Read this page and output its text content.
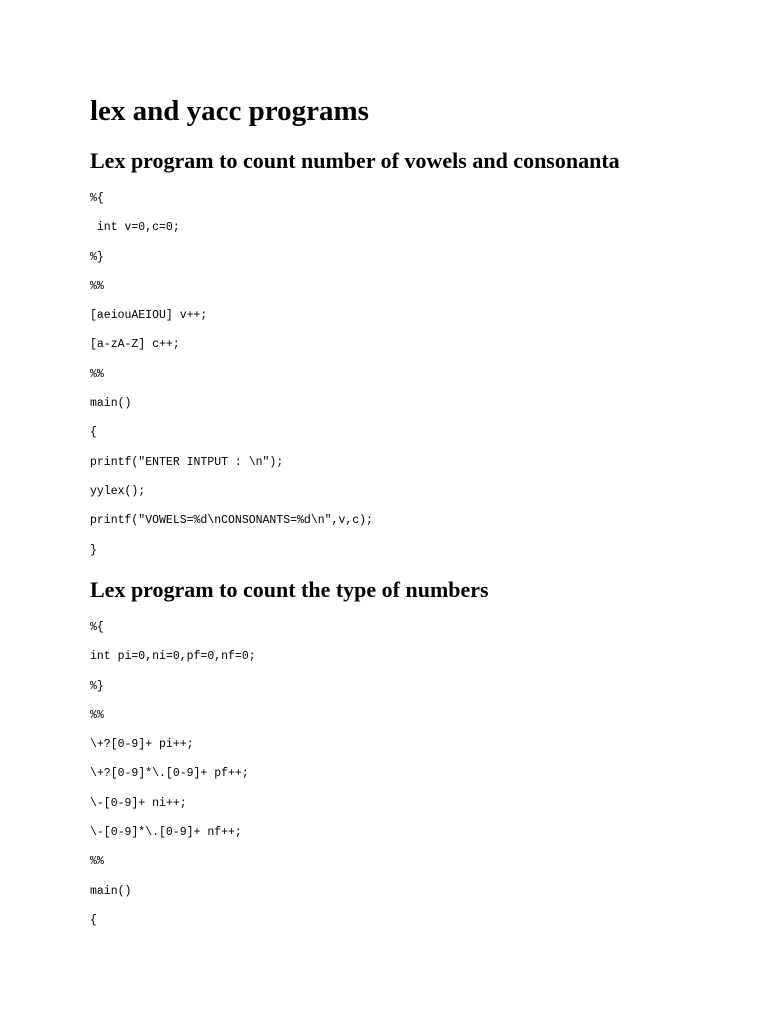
lex and yacc programs
Lex program to count number of vowels and consonanta
%{
int v=0,c=0;
%}
%%
[aeiouAEIOU] v++;
[a-zA-Z] c++;
%%
main()
{
printf("ENTER INTPUT : \n");
yylex();
printf("VOWELS=%d\nCONSONANTS=%d\n",v,c);
}
Lex program to count the type of numbers
%{
int pi=0,ni=0,pf=0,nf=0;
%}
%%
\+?[0-9]+ pi++;
\+?[0-9]*\.[0-9]+ pf++;
\-[0-9]+ ni++;
\-[0-9]*\.[0-9]+ nf++;
%%
main()
{
